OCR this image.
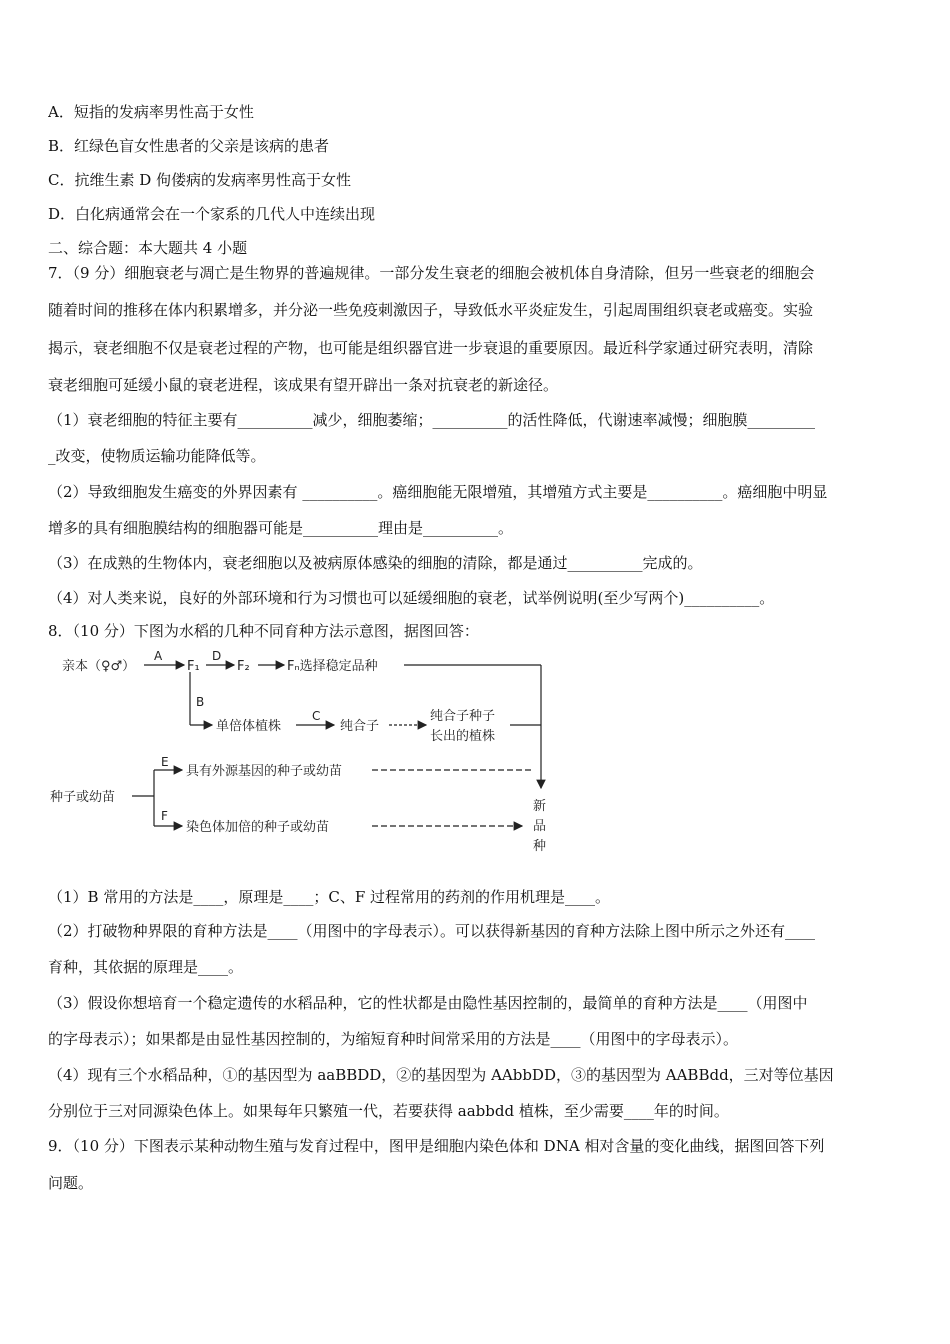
A．短指的发病率男性高于女性
B．红绿色盲女性患者的父亲是该病的患者
C．抗维生素 D 佝偻病的发病率男性高于女性
D．白化病通常会在一个家系的几代人中连续出现
二、综合题：本大题共 4 小题
7．（9 分）细胞衰老与凋亡是生物界的普遍规律。一部分发生衰老的细胞会被机体自身清除，但另一些衰老的细胞会
随着时间的推移在体内积累增多，并分泌一些免疫刺激因子，导致低水平炎症发生，引起周围组织衰老或癌变。实验
揭示，衰老细胞不仅是衰老过程的产物，也可能是组织器官进一步衰退的重要原因。最近科学家通过研究表明，清除
衰老细胞可延缓小鼠的衰老进程，该成果有望开辟出一条对抗衰老的新途径。
（1）衰老细胞的特征主要有__________减少，细胞萎缩；__________的活性降低，代谢速率减慢；细胞膜_________
_改变，使物质运输功能降低等。
（2）导致细胞发生癌变的外界因素有 __________。癌细胞能无限增殖，其增殖方式主要是__________。癌细胞中明显
增多的具有细胞膜结构的细胞器可能是__________理由是__________。
（3）在成熟的生物体内，衰老细胞以及被病原体感染的细胞的清除，都是通过__________完成的。
（4）对人类来说，良好的外部环境和行为习惯也可以延缓细胞的衰老，试举例说明(至少写两个)__________。
8．（10 分）下图为水稻的几种不同育种方法示意图，据图回答：
亲本（♀♂）
A
F₁
D
F₂	Fₙ选择稳定品种
B
单倍体植株
C
纯合子
纯合子种子
长出的植株
种子或幼苗
E
具有外源基因的种子或幼苗
F
染色体加倍的种子或幼苗
新
品
种
（1）B 常用的方法是____，原理是____；C、F 过程常用的药剂的作用机理是____。
（2）打破物种界限的育种方法是____（用图中的字母表示）。可以获得新基因的育种方法除上图中所示之外还有____
育种，其依据的原理是____。
（3）假设你想培育一个稳定遗传的水稻品种，它的性状都是由隐性基因控制的，最简单的育种方法是____（用图中
的字母表示）；如果都是由显性基因控制的，为缩短育种时间常采用的方法是____（用图中的字母表示）。
（4）现有三个水稻品种，①的基因型为 aaBBDD，②的基因型为 AAbbDD，③的基因型为 AABBdd，三对等位基因
分别位于三对同源染色体上。如果每年只繁殖一代，若要获得 aabbdd 植株，至少需要____年的时间。
9．（10 分）下图表示某种动物生殖与发育过程中，图甲是细胞内染色体和 DNA 相对含量的变化曲线，据图回答下列
问题。
